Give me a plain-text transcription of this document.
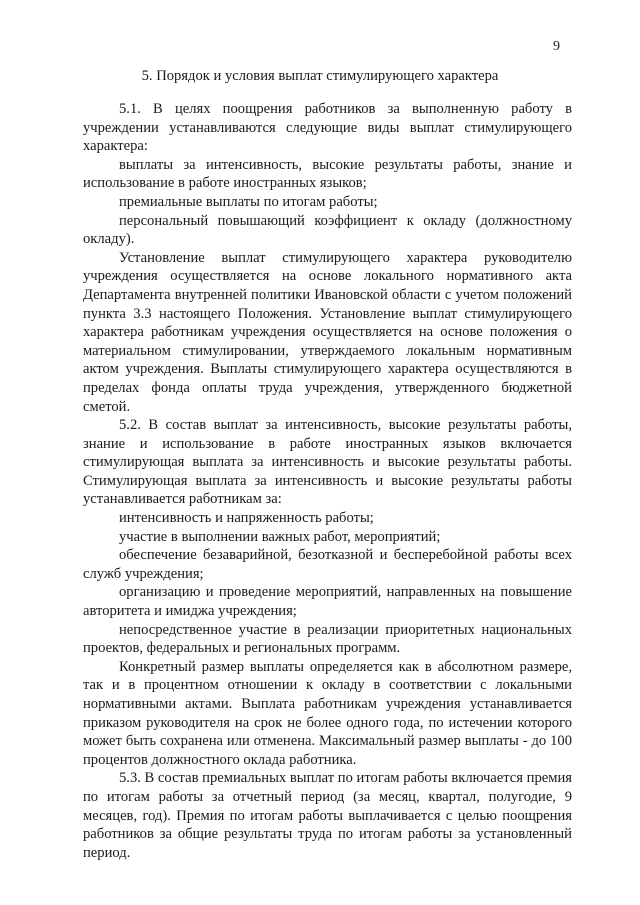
9
5. Порядок и условия выплат стимулирующего характера

5.1. В целях поощрения работников за выполненную работу в учреждении устанавливаются следующие виды выплат стимулирующего характера:

выплаты за интенсивность, высокие результаты работы, знание и использование в работе иностранных языков;

премиальные выплаты по итогам работы;

персональный повышающий коэффициент к окладу (должностному окладу).

Установление выплат стимулирующего характера руководителю учреждения осуществляется на основе локального нормативного акта Департамента внутренней политики Ивановской области с учетом положений пункта 3.3 настоящего Положения. Установление выплат стимулирующего характера работникам учреждения осуществляется на основе положения о материальном стимулировании, утверждаемого локальным нормативным актом учреждения. Выплаты стимулирующего характера осуществляются в пределах фонда оплаты труда учреждения, утвержденного бюджетной сметой.

5.2. В состав выплат за интенсивность, высокие результаты работы, знание и использование в работе иностранных языков включается стимулирующая выплата за интенсивность и высокие результаты работы. Стимулирующая выплата за интенсивность и высокие результаты работы устанавливается работникам за:

интенсивность и напряженность работы;

участие в выполнении важных работ, мероприятий;

обеспечение безаварийной, безотказной и бесперебойной работы всех служб учреждения;

организацию и проведение мероприятий, направленных на повышение авторитета и имиджа учреждения;

непосредственное участие в реализации приоритетных национальных проектов, федеральных и региональных программ.

Конкретный размер выплаты определяется как в абсолютном размере, так и в процентном отношении к окладу в соответствии с локальными нормативными актами. Выплата работникам учреждения устанавливается приказом руководителя на срок не более одного года, по истечении которого может быть сохранена или отменена. Максимальный размер выплаты - до 100 процентов должностного оклада работника.

5.3. В состав премиальных выплат по итогам работы включается премия по итогам работы за отчетный период (за месяц, квартал, полугодие, 9 месяцев, год). Премия по итогам работы выплачивается с целью поощрения работников за общие результаты труда по итогам работы за установленный период.
